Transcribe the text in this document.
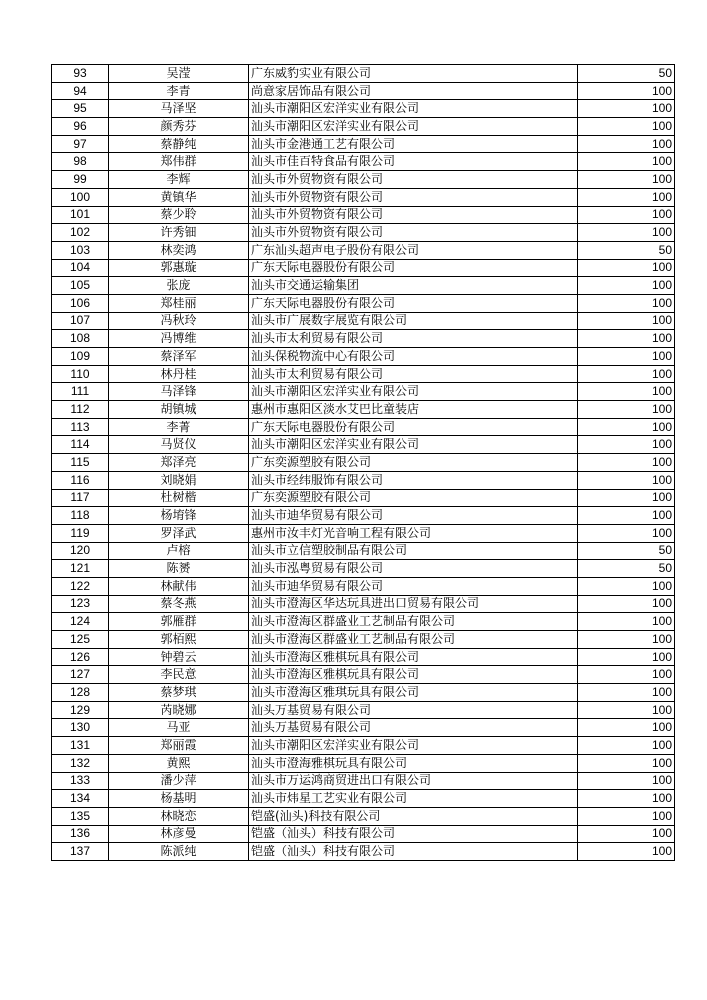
93	吴滢	广东威豹实业有限公司	50
94	李青	尚意家居饰品有限公司	100
95	马泽坚	汕头市潮阳区宏洋实业有限公司	100
96	颜秀芬	汕头市潮阳区宏洋实业有限公司	100
97	蔡静纯	汕头市金港通工艺有限公司	100
98	郑伟群	汕头市佳百特食品有限公司	100
99	李辉	汕头市外贸物资有限公司	100
100	黄镇华	汕头市外贸物资有限公司	100
101	蔡少聆	汕头市外贸物资有限公司	100
102	许秀钿	汕头市外贸物资有限公司	100
103	林奕鸿	广东汕头超声电子股份有限公司	50
104	郭惠璇	广东天际电器股份有限公司	100
105	张庞	汕头市交通运输集团	100
106	郑桂丽	广东天际电器股份有限公司	100
107	冯秋玲	汕头市广展数字展览有限公司	100
108	冯博维	汕头市太利贸易有限公司	100
109	蔡泽军	汕头保税物流中心有限公司	100
110	林丹桂	汕头市太利贸易有限公司	100
111	马泽锋	汕头市潮阳区宏洋实业有限公司	100
112	胡镇城	惠州市惠阳区淡水艾巴比童装店	100
113	李菁	广东天际电器股份有限公司	100
114	马贤仪	汕头市潮阳区宏洋实业有限公司	100
115	郑泽亮	广东奕源塑胶有限公司	100
116	刘晓娟	汕头市经纬服饰有限公司	100
117	杜树楷	广东奕源塑胶有限公司	100
118	杨堉锋	汕头市迪华贸易有限公司	100
119	罗泽武	惠州市汝丰灯光音响工程有限公司	100
120	卢榕	汕头市立信塑胶制品有限公司	50
121	陈赟	汕头市泓粤贸易有限公司	50
122	林献伟	汕头市迪华贸易有限公司	100
123	蔡冬燕	汕头市澄海区华达玩具进出口贸易有限公司	100
124	郭雁群	汕头市澄海区群盛业工艺制品有限公司	100
125	郭栢熙	汕头市澄海区群盛业工艺制品有限公司	100
126	钟碧云	汕头市澄海区雅棋玩具有限公司	100
127	李民意	汕头市澄海区雅棋玩具有限公司	100
128	蔡梦琪	汕头市澄海区雅琪玩具有限公司	100
129	芮晓娜	汕头万基贸易有限公司	100
130	马亚	汕头万基贸易有限公司	100
131	郑丽霞	汕头市潮阳区宏洋实业有限公司	100
132	黄熙	汕头市澄海雅棋玩具有限公司	100
133	潘少萍	汕头市万运鸿商贸进出口有限公司	100
134	杨基明	汕头市炜星工艺实业有限公司	100
135	林晓恋	铠盛(汕头)科技有限公司	100
136	林彦曼	铠盛（汕头）科技有限公司	100
137	陈派纯	铠盛（汕头）科技有限公司	100
